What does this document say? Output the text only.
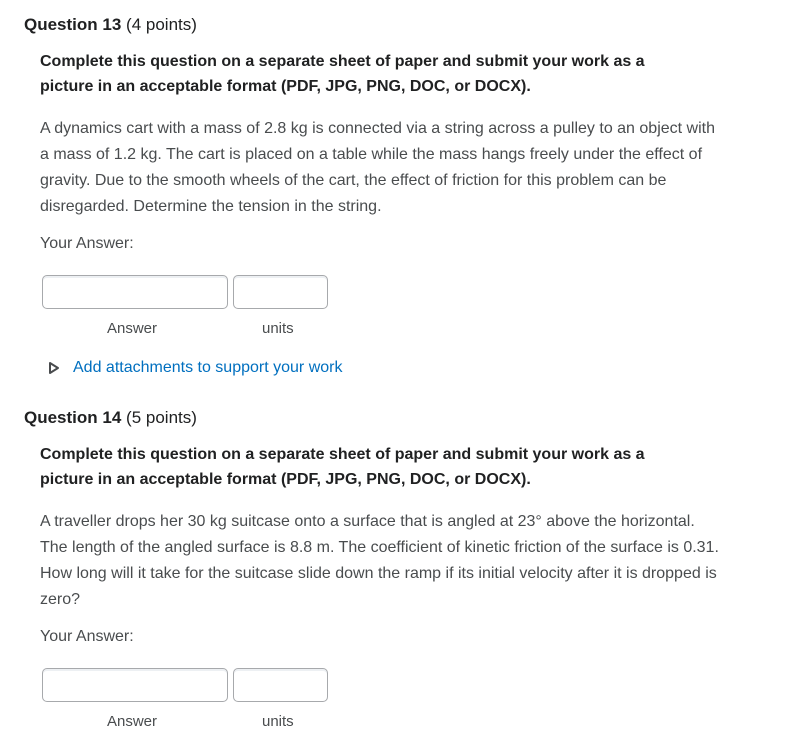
Question 13 (4 points)
Complete this question on a separate sheet of paper and submit your work as a picture in an acceptable format (PDF, JPG, PNG, DOC, or DOCX).
A dynamics cart with a mass of 2.8 kg is connected via a string across a pulley to an object with a mass of 1.2 kg. The cart is placed on a table while the mass hangs freely under the effect of gravity. Due to the smooth wheels of the cart, the effect of friction for this problem can be disregarded. Determine the tension in the string.
Your Answer:
Answer	units
Add attachments to support your work
Question 14 (5 points)
Complete this question on a separate sheet of paper and submit your work as a picture in an acceptable format (PDF, JPG, PNG, DOC, or DOCX).
A traveller drops her 30 kg suitcase onto a surface that is angled at 23° above the horizontal. The length of the angled surface is 8.8 m. The coefficient of kinetic friction of the surface is 0.31. How long will it take for the suitcase slide down the ramp if its initial velocity after it is dropped is zero?
Your Answer:
Answer	units
